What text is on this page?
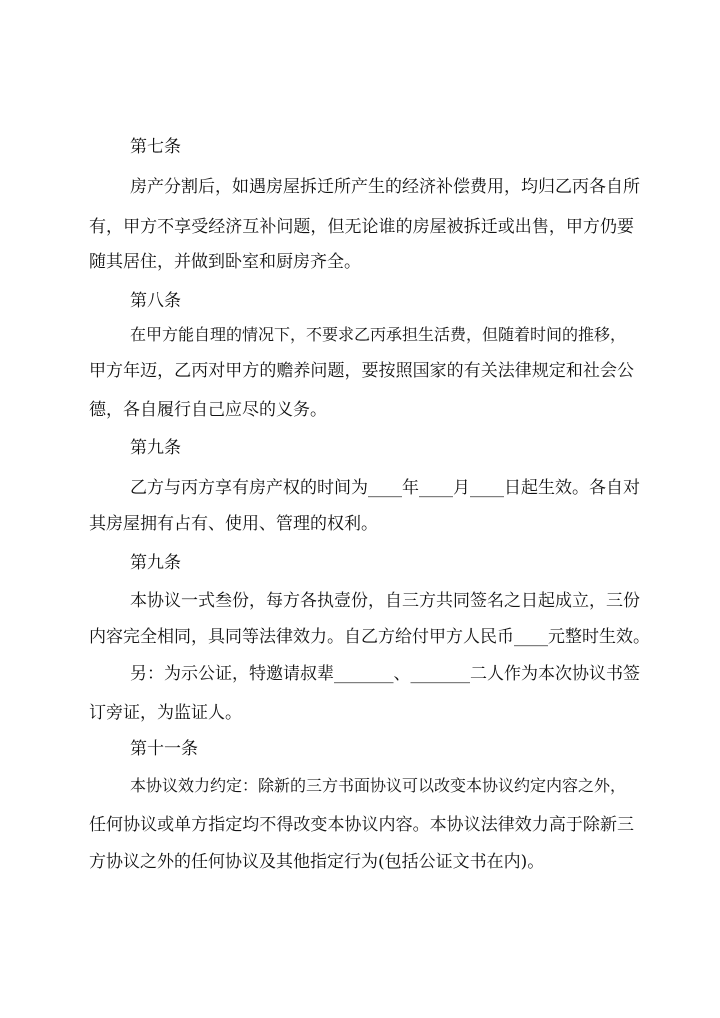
第七条
房产分割后，如遇房屋拆迁所产生的经济补偿费用，均归乙丙各自所
有，甲方不享受经济互补问题，但无论谁的房屋被拆迁或出售，甲方仍要
随其居住，并做到卧室和厨房齐全。
第八条
在甲方能自理的情况下，不要求乙丙承担生活费，但随着时间的推移，
甲方年迈，乙丙对甲方的赡养问题，要按照国家的有关法律规定和社会公
德，各自履行自己应尽的义务。
第九条
乙方与丙方享有房产权的时间为____年____月____日起生效。各自对
其房屋拥有占有、使用、管理的权利。
第九条
本协议一式叁份，每方各执壹份，自三方共同签名之日起成立，三份
内容完全相同，具同等法律效力。自乙方给付甲方人民币____元整时生效。
另：为示公证，特邀请叔辈_______、_______二人作为本次协议书签
订旁证，为监证人。
第十一条
本协议效力约定：除新的三方书面协议可以改变本协议约定内容之外，
任何协议或单方指定均不得改变本协议内容。本协议法律效力高于除新三
方协议之外的任何协议及其他指定行为(包括公证文书在内)。
